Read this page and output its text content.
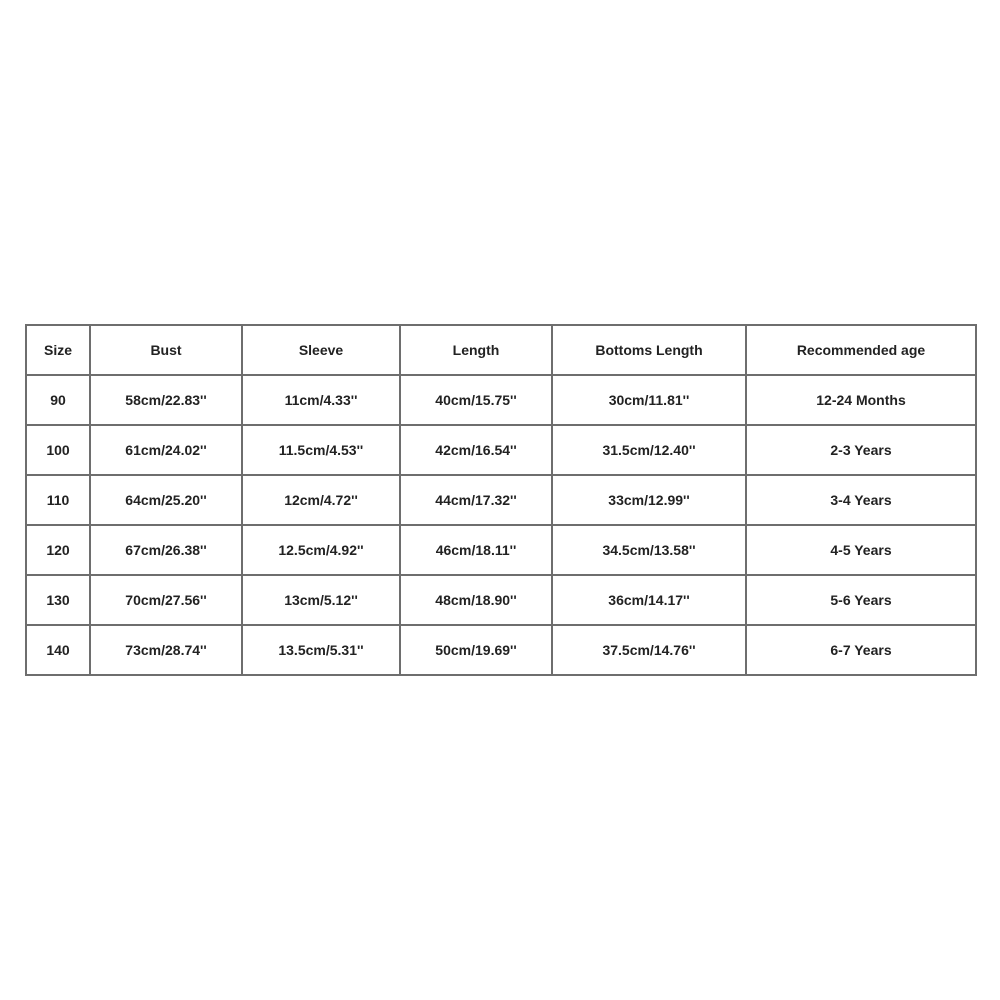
Size	Bust	Sleeve	Length	Bottoms Length	Recommended age
90	58cm/22.83''	11cm/4.33''	40cm/15.75''	30cm/11.81''	12-24 Months
100	61cm/24.02''	11.5cm/4.53''	42cm/16.54''	31.5cm/12.40''	2-3 Years
110	64cm/25.20''	12cm/4.72''	44cm/17.32''	33cm/12.99''	3-4 Years
120	67cm/26.38''	12.5cm/4.92''	46cm/18.11''	34.5cm/13.58''	4-5 Years
130	70cm/27.56''	13cm/5.12''	48cm/18.90''	36cm/14.17''	5-6 Years
140	73cm/28.74''	13.5cm/5.31''	50cm/19.69''	37.5cm/14.76''	6-7 Years
